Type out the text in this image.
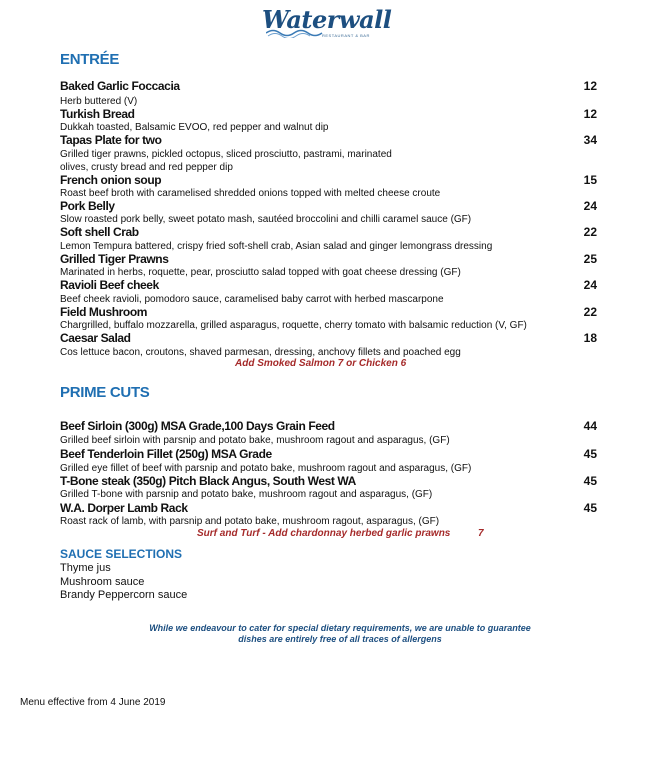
Waterwall
RESTAURANT & BAR
ENTRÉE
Baked Garlic Foccacia	12
Herb buttered (V)
Turkish Bread	12
Dukkah toasted, Balsamic EVOO, red pepper and walnut dip
Tapas Plate for two	34
Grilled tiger prawns, pickled octopus, sliced prosciutto, pastrami, marinated
olives, crusty bread and red pepper dip
French onion soup	15
Roast beef broth with caramelised shredded onions topped with melted cheese croute
Pork Belly	24
Slow roasted pork belly, sweet potato mash, sautéed broccolini and chilli caramel sauce (GF)
Soft shell Crab	22
Lemon Tempura battered, crispy fried soft-shell crab, Asian salad and ginger lemongrass dressing
Grilled Tiger Prawns	25
Marinated in herbs, roquette, pear, prosciutto salad topped with goat cheese dressing (GF)
Ravioli Beef cheek	24
Beef cheek ravioli, pomodoro sauce, caramelised baby carrot with herbed mascarpone
Field Mushroom	22
Chargrilled, buffalo mozzarella, grilled asparagus, roquette, cherry tomato with balsamic reduction (V, GF)
Caesar Salad	18
Cos lettuce bacon, croutons, shaved parmesan, dressing, anchovy fillets and poached egg
Add Smoked Salmon 7 or Chicken 6
PRIME CUTS
Beef Sirloin (300g) MSA Grade,100 Days Grain Feed	44
Grilled beef sirloin with parsnip and potato bake, mushroom ragout and asparagus, (GF)
Beef Tenderloin Fillet (250g) MSA Grade	45
Grilled eye fillet of beef with parsnip and potato bake, mushroom ragout and asparagus, (GF)
T-Bone steak (350g) Pitch Black Angus, South West WA	45
Grilled T-bone with parsnip and potato bake, mushroom ragout and asparagus, (GF)
W.A. Dorper Lamb Rack	45
Roast rack of lamb, with parsnip and potato bake, mushroom ragout, asparagus, (GF)
Surf and Turf - Add chardonnay herbed garlic prawns	7
SAUCE SELECTIONS
Thyme jus
Mushroom sauce
Brandy Peppercorn sauce
While we endeavour to cater for special dietary requirements, we are unable to guarantee
dishes are entirely free of all traces of allergens
Menu effective from 4 June 2019
